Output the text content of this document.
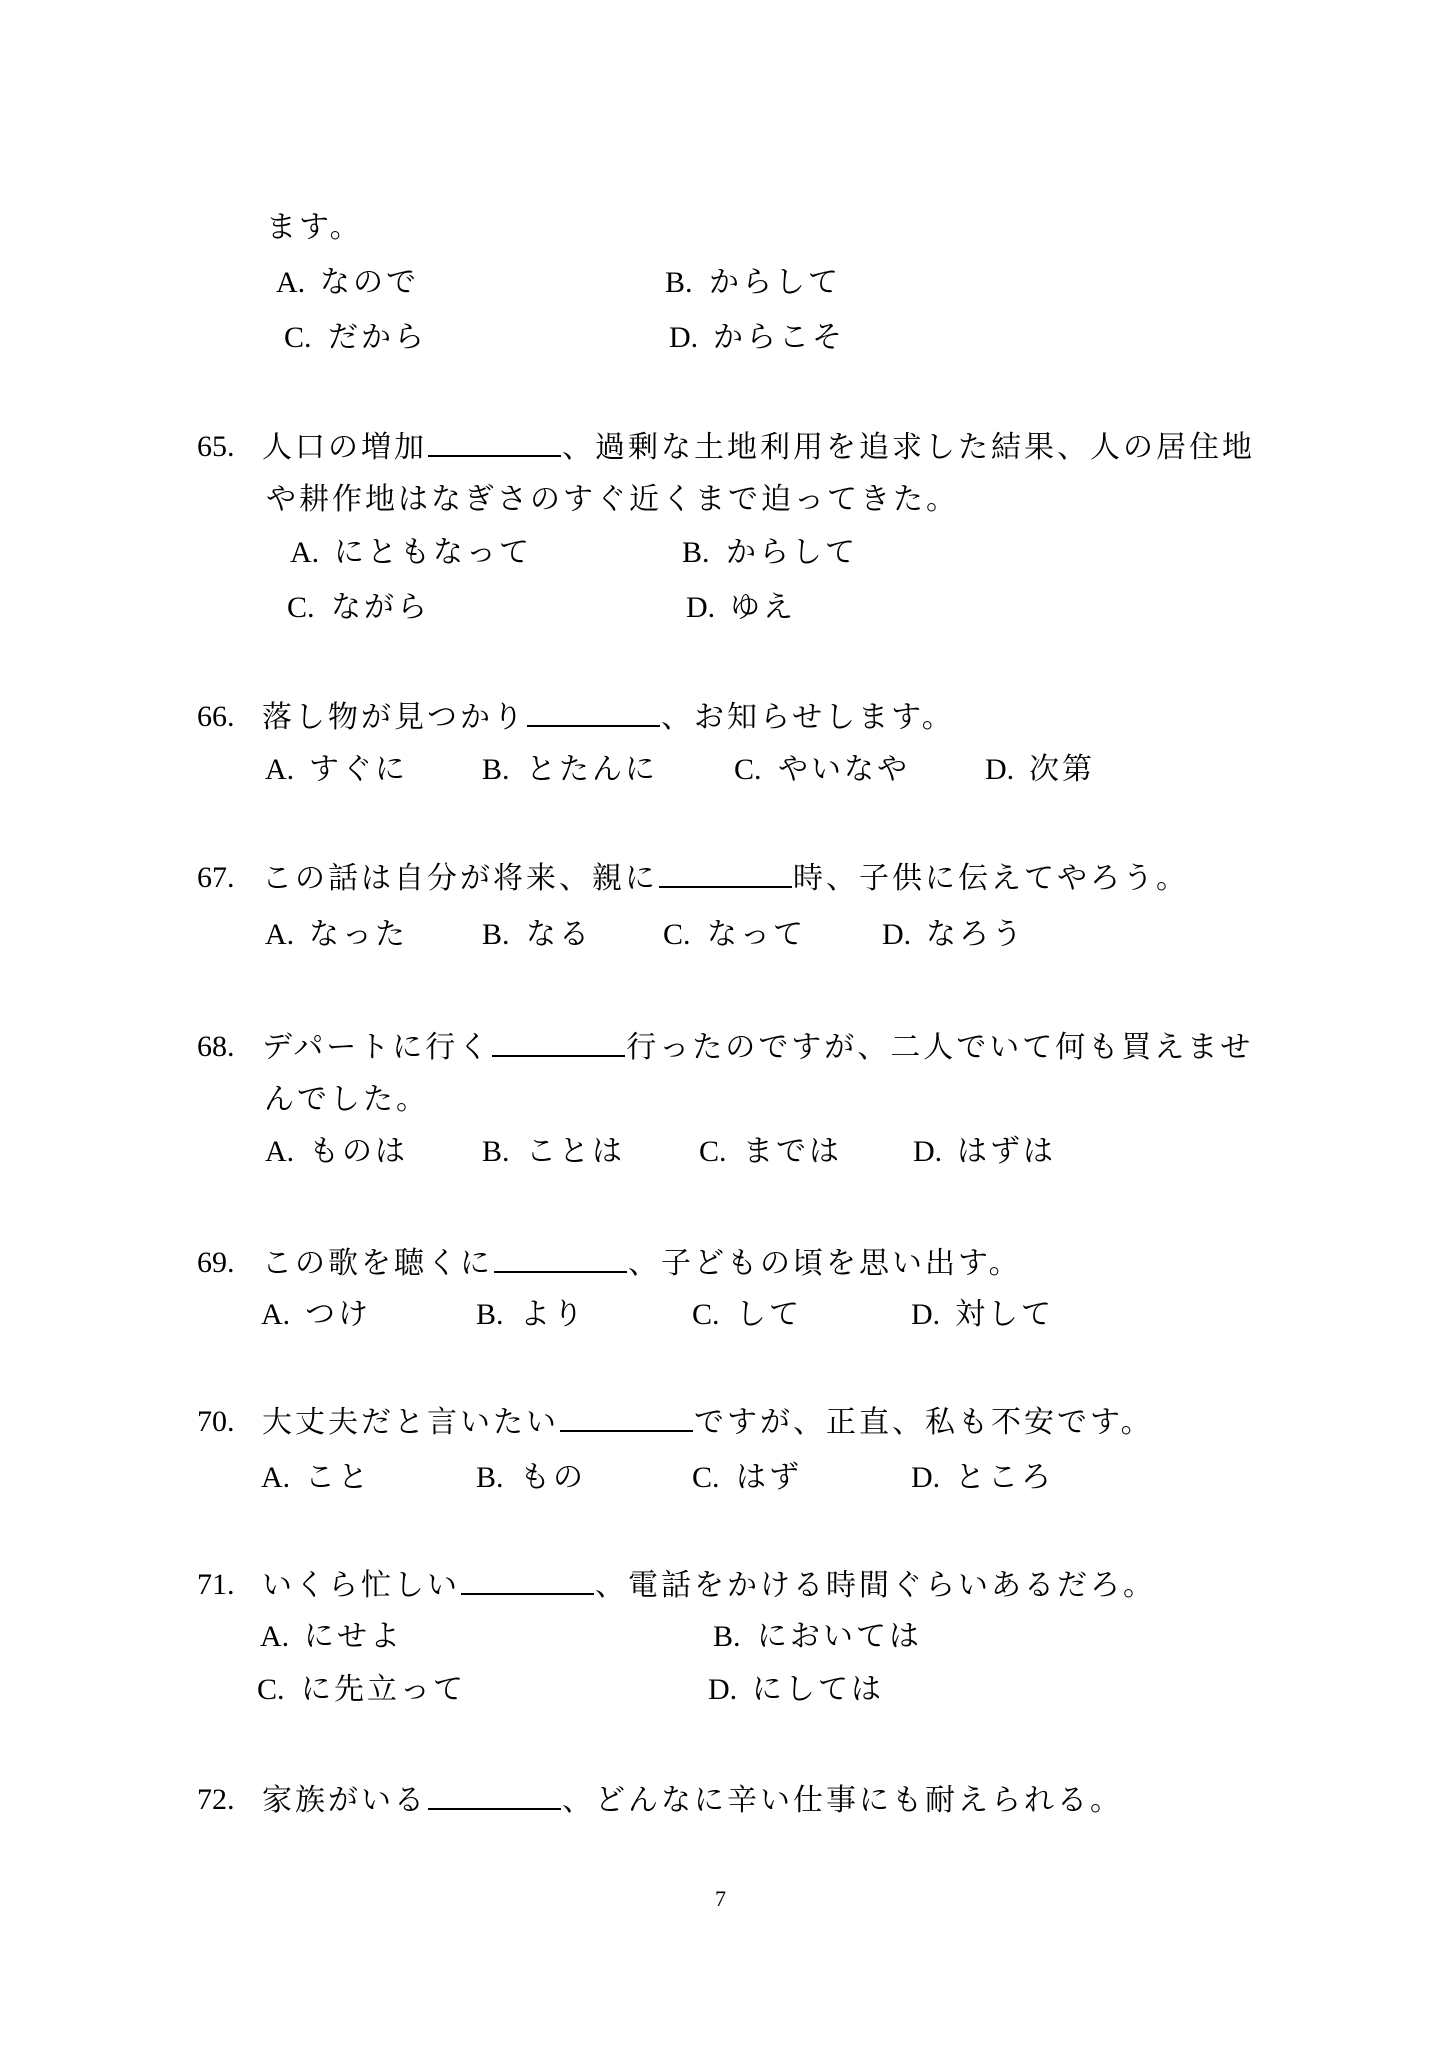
ます。
A. なので	B. からして
C. だから	D. からこそ
65. 人口の増加	、過剰な土地利用を追求した結果、人の居住地
や耕作地はなぎさのすぐ近くまで迫ってきた。
A. にともなって	B. からして
C. ながら	D. ゆえ
66. 落し物が見つかり	、お知らせします。
A. すぐに B. とたんに	C. やいなや	D. 次第
67. この話は自分が将来、親に	時、子供に伝えてやろう。
A. なった B. なる C. なって	D. なろう
68. デパートに行く	行ったのですが、二人でいて何も買えませ
んでした。
A. ものは B. ことは C. までは D. はずは
69. この歌を聴くに	、子どもの頃を思い出す。
A. つけ	B. より	C. して	D. 対して
70. 大丈夫だと言いたい	ですが、正直、私も不安です。
A. こと	B. もの	C. はず	D. ところ
71. いくら忙しい	、電話をかける時間ぐらいあるだろ。
A. にせよ	B. においては
C. に先立って	D. にしては
72. 家族がいる	、どんなに辛い仕事にも耐えられる。
7
